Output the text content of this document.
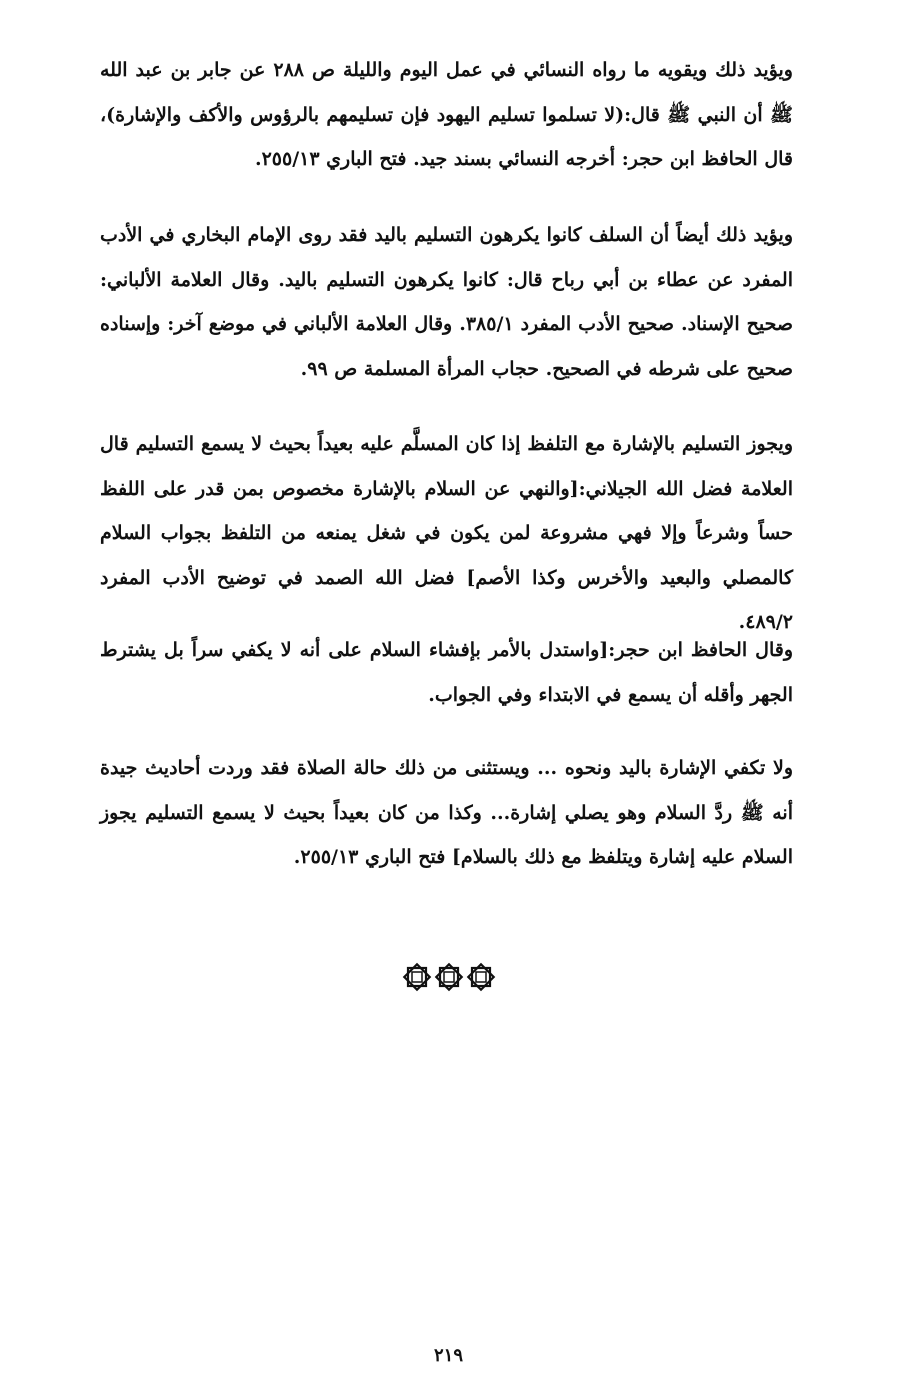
ويؤيد ذلك ويقويه ما رواه النسائي في عمل اليوم والليلة ص ٢٨٨ عن جابر بن عبد الله ﷺ أن النبي ﷺ قال:(لا تسلموا تسليم اليهود فإن تسليمهم بالرؤوس والأكف والإشارة)، قال الحافظ ابن حجر: أخرجه النسائي بسند جيد. فتح الباري ٢٥٥/١٣.

ويؤيد ذلك أيضاً أن السلف كانوا يكرهون التسليم باليد فقد روى الإمام البخاري في الأدب المفرد عن عطاء بن أبي رباح قال: كانوا يكرهون التسليم باليد. وقال العلامة الألباني: صحيح الإسناد. صحيح الأدب المفرد ٣٨٥/١. وقال العلامة الألباني في موضع آخر: وإسناده صحيح على شرطه في الصحيح. حجاب المرأة المسلمة ص ٩٩.

ويجوز التسليم بالإشارة مع التلفظ إذا كان المسلَّم عليه بعيداً بحيث لا يسمع التسليم قال العلامة فضل الله الجيلاني:[والنهي عن السلام بالإشارة مخصوص بمن قدر على اللفظ حساً وشرعاً وإلا فهي مشروعة لمن يكون في شغل يمنعه من التلفظ بجواب السلام كالمصلي والبعيد والأخرس وكذا الأصم] فضل الله الصمد في توضيح الأدب المفرد ٤٨٩/٢.

وقال الحافظ ابن حجر:[واستدل بالأمر بإفشاء السلام على أنه لا يكفي سراً بل يشترط الجهر وأقله أن يسمع في الابتداء وفي الجواب.

ولا تكفي الإشارة باليد ونحوه ... ويستثنى من ذلك حالة الصلاة فقد وردت أحاديث جيدة أنه ﷺ ردَّ السلام وهو يصلي إشارة... وكذا من كان بعيداً بحيث لا يسمع التسليم يجوز السلام عليه إشارة ويتلفظ مع ذلك بالسلام] فتح الباري ٢٥٥/١٣.

٢١٩
